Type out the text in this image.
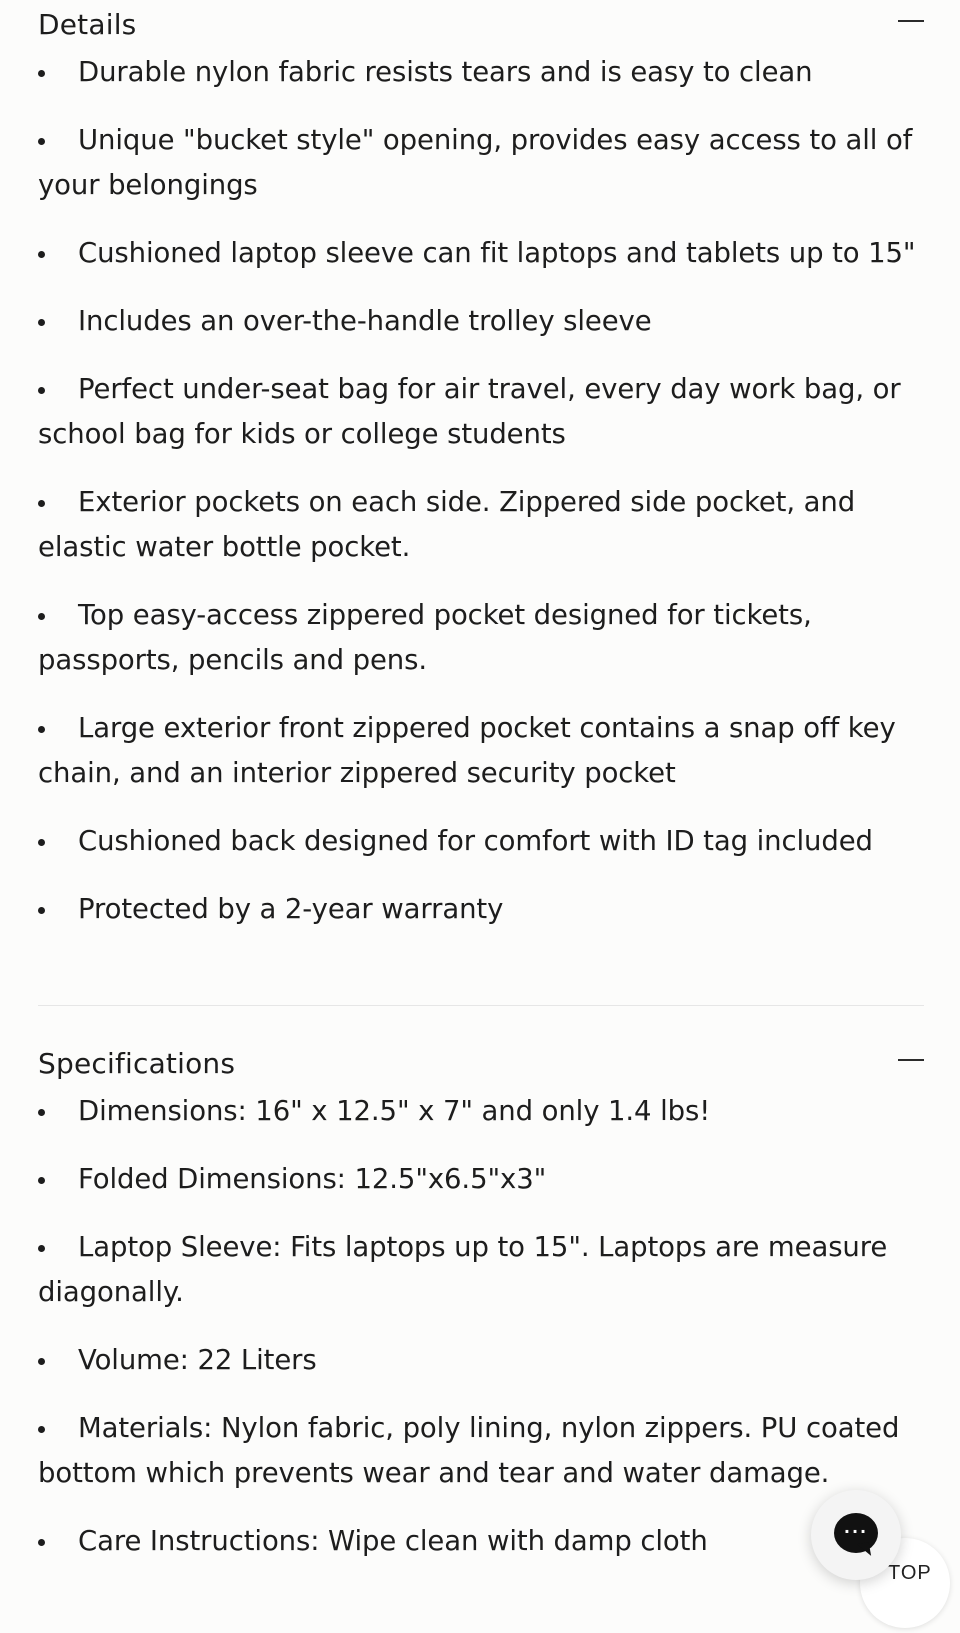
Details
Durable nylon fabric resists tears and is easy to clean
Unique "bucket style" opening, provides easy access to all of your belongings
Cushioned laptop sleeve can fit laptops and tablets up to 15"
Includes an over-the-handle trolley sleeve
Perfect under-seat bag for air travel, every day work bag, or school bag for kids or college students
Exterior pockets on each side. Zippered side pocket, and elastic water bottle pocket.
Top easy-access zippered pocket designed for tickets, passports, pencils and pens.
Large exterior front zippered pocket contains a snap off key chain, and an interior zippered security pocket
Cushioned back designed for comfort with ID tag included
Protected by a 2-year warranty
Specifications
Dimensions: 16" x 12.5" x 7" and only 1.4 lbs!
Folded Dimensions: 12.5"x6.5"x3"
Laptop Sleeve: Fits laptops up to 15". Laptops are measure diagonally.
Volume: 22 Liters
Materials: Nylon fabric, poly lining, nylon zippers. PU coated bottom which prevents wear and tear and water damage.
Care Instructions: Wipe clean with damp cloth
TOP
···
